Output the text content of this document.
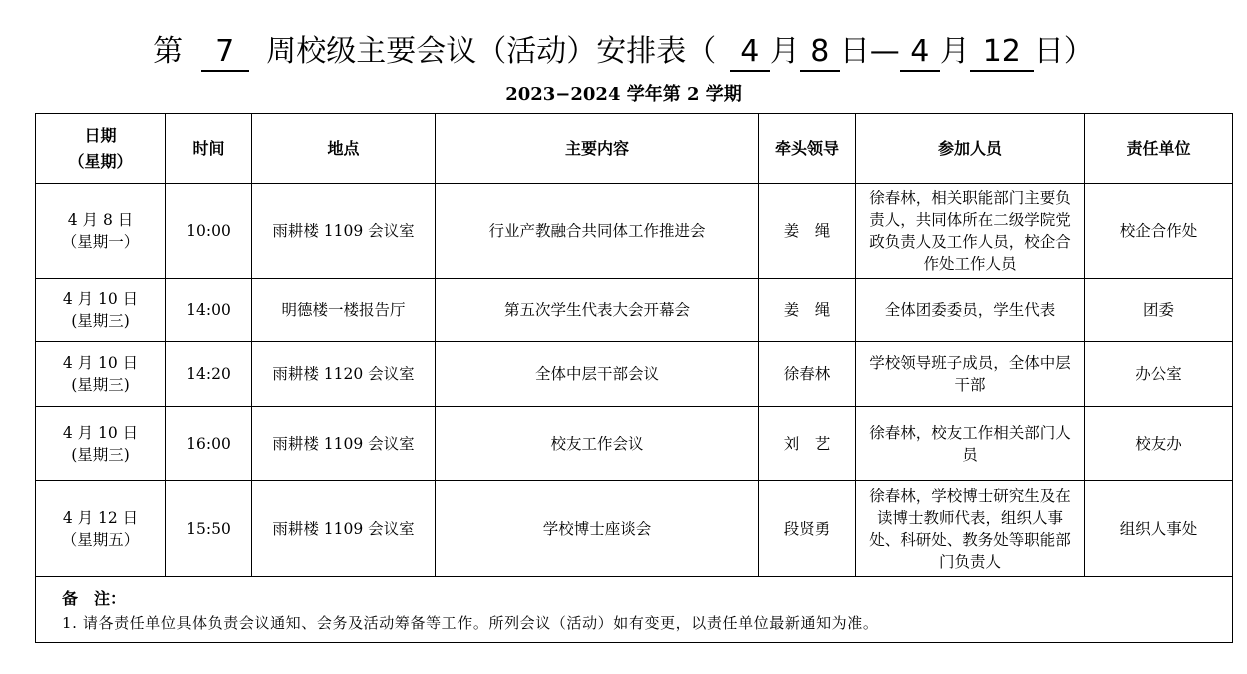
第 7 周校级主要会议（活动）安排表（ 4 月 8 日— 4 月 12 日）
2023−2024 学年第 2 学期
日期
（星期）	时间	地点	主要内容	牵头领导	参加人员	责任单位

4 月 8 日
（星期一）	10:00	雨耕楼 1109 会议室	行业产教融合共同体工作推进会	姜　绳	徐春林，相关职能部门主要负责人，共同体所在二级学院党政负责人及工作人员，校企合作处工作人员	校企合作处

4 月 10 日
(星期三)	14:00	明德楼一楼报告厅	第五次学生代表大会开幕会	姜　绳	全体团委委员，学生代表	团委

4 月 10 日
(星期三)	14:20	雨耕楼 1120 会议室	全体中层干部会议	徐春林	学校领导班子成员，全体中层干部	办公室

4 月 10 日
(星期三)	16:00	雨耕楼 1109 会议室	校友工作会议	刘　艺	徐春林，校友工作相关部门人员	校友办

4 月 12 日
（星期五）	15:50	雨耕楼 1109 会议室	学校博士座谈会	段贤勇	徐春林，学校博士研究生及在读博士教师代表，组织人事处、科研处、教务处等职能部门负责人	组织人事处

备　注：
1. 请各责任单位具体负责会议通知、会务及活动筹备等工作。所列会议（活动）如有变更，以责任单位最新通知为准。						
